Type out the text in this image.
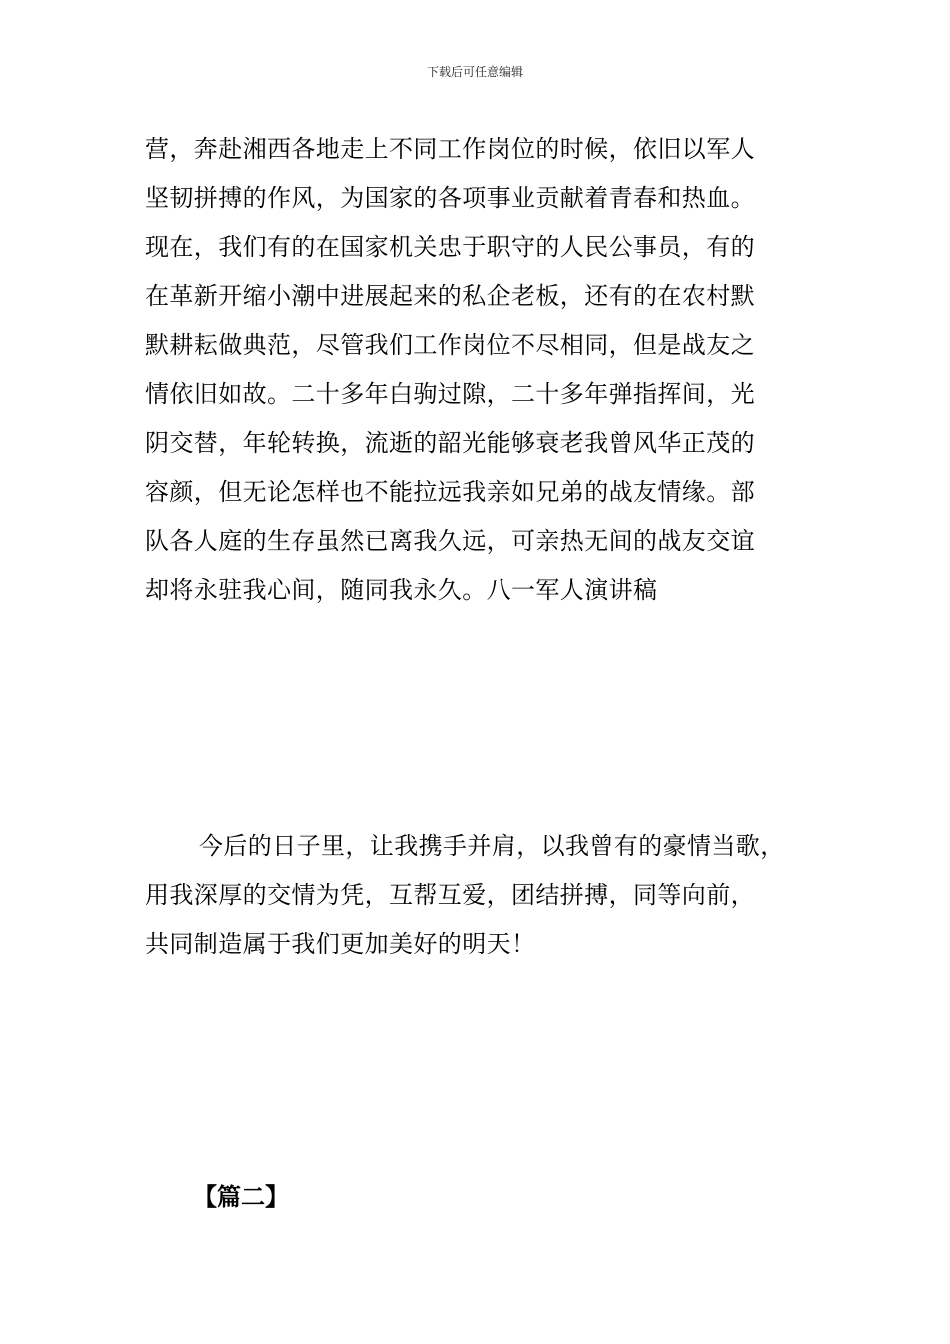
下载后可任意编辑
营，奔赴湘西各地走上不同工作岗位的时候，依旧以军人
坚韧拼搏的作风，为国家的各项事业贡献着青春和热血。
现在，我们有的在国家机关忠于职守的人民公事员，有的
在革新开缩小潮中进展起来的私企老板，还有的在农村默
默耕耘做典范，尽管我们工作岗位不尽相同，但是战友之
情依旧如故。二十多年白驹过隙，二十多年弹指挥间，光
阴交替，年轮转换，流逝的韶光能够衰老我曾风华正茂的
容颜，但无论怎样也不能拉远我亲如兄弟的战友情缘。部
队各人庭的生存虽然已离我久远，可亲热无间的战友交谊
却将永驻我心间，随同我永久。八一军人演讲稿
今后的日子里，让我携手并肩，以我曾有的豪情当歌，
用我深厚的交情为凭，互帮互爱，团结拼搏，同等向前，
共同制造属于我们更加美好的明天！
【篇二】
